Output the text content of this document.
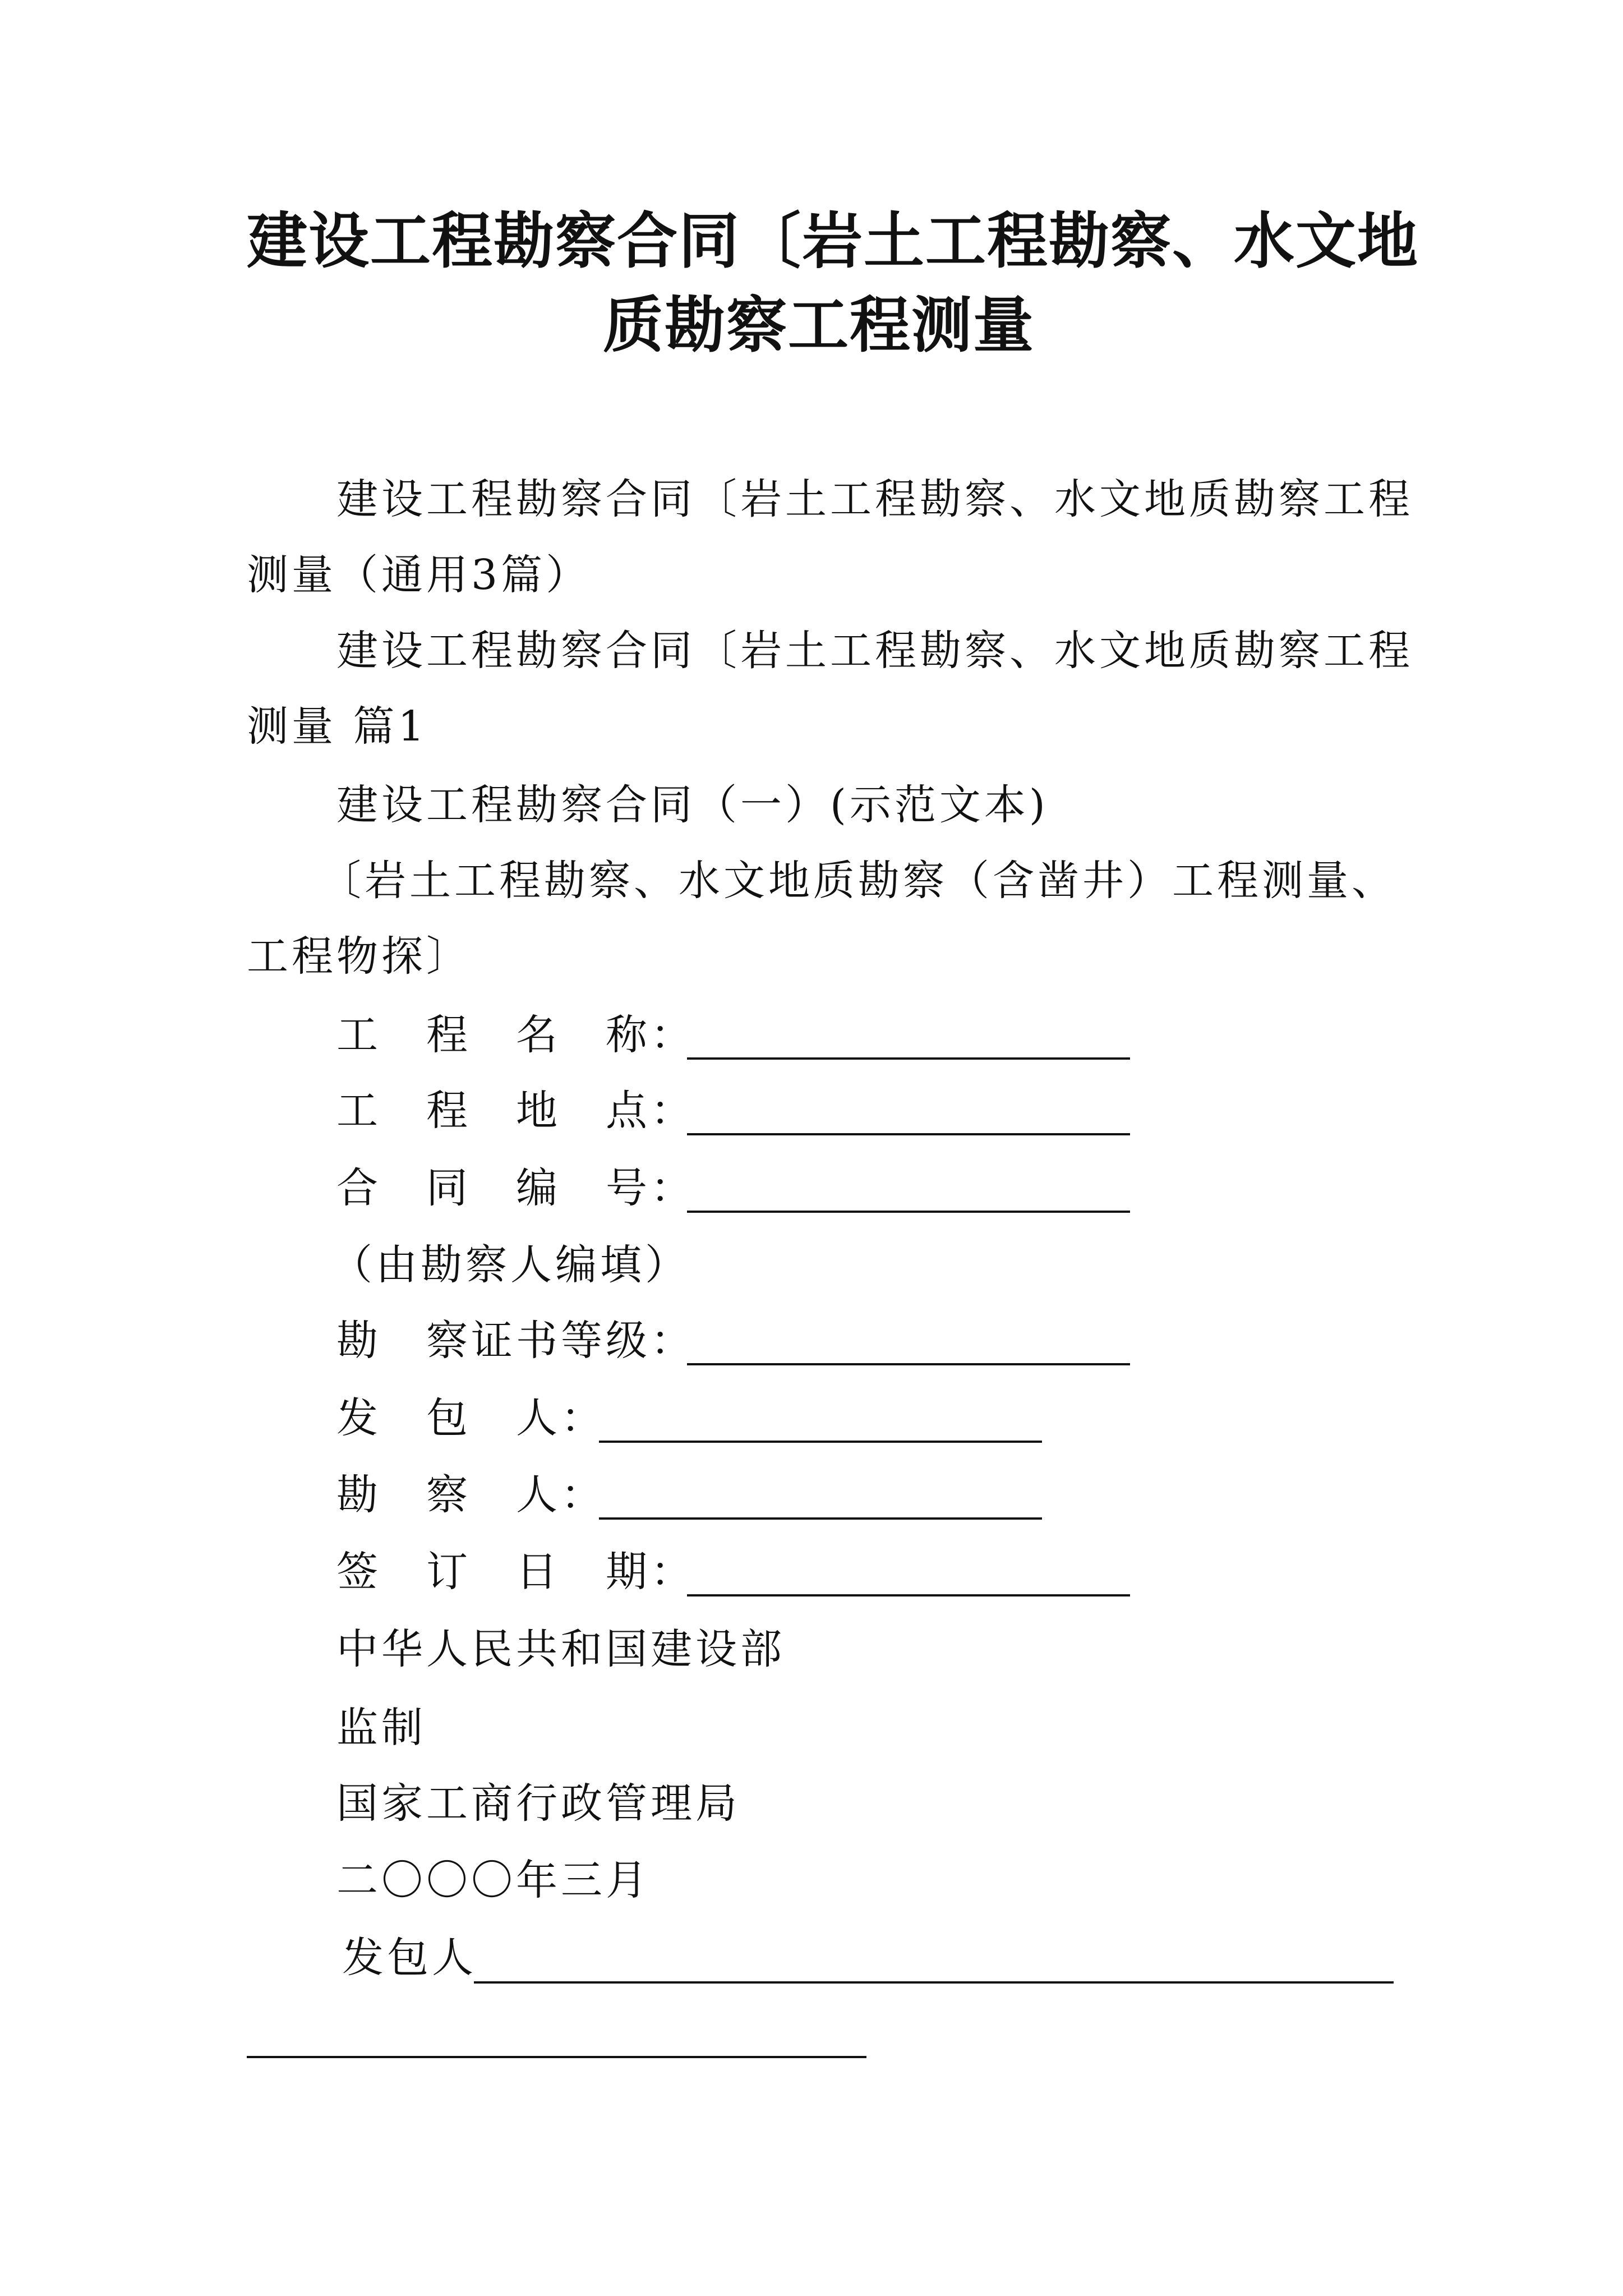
建设工程勘察合同〔岩土工程勘察、水文地
质勘察工程测量
建设工程勘察合同〔岩土工程勘察、水文地质勘察工程
测量（通用3篇）
建设工程勘察合同〔岩土工程勘察、水文地质勘察工程
测量 篇1
建设工程勘察合同（一）(示范文本)
〔岩土工程勘察、水文地质勘察（含凿井）工程测量、
工程物探〕
工　程　名　称：
工　程　地　点：
合　同　编　号：
（由勘察人编填）
勘　察证书等级：
发　包　人：
勘　察　人：
签　订　日　期：
中华人民共和国建设部
监制
国家工商行政管理局
二〇〇〇年三月
发包人
